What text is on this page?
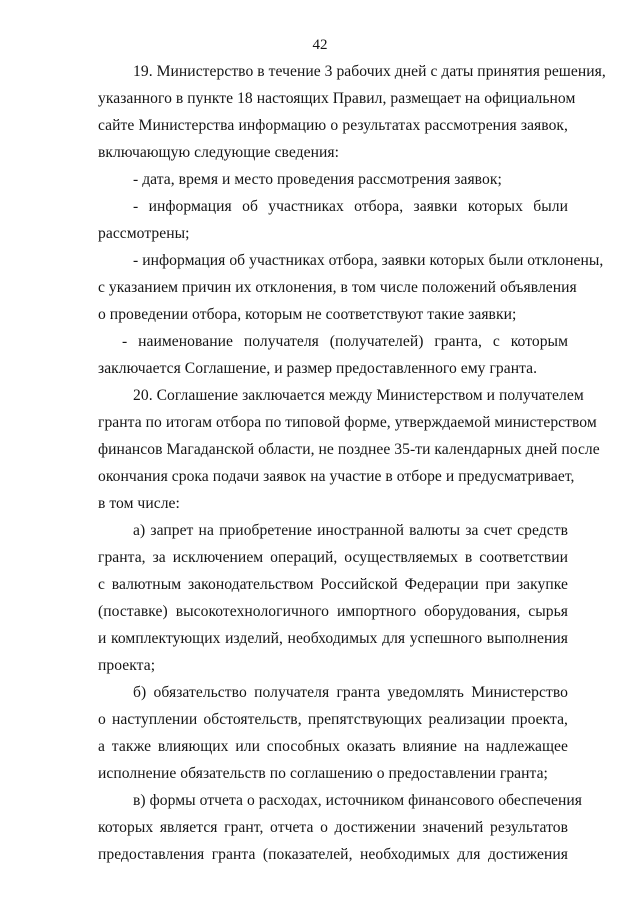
42
19. Министерство в течение 3 рабочих дней с даты принятия решения,
указанного в пункте 18 настоящих Правил, размещает на официальном
сайте Министерства информацию о результатах рассмотрения заявок,
включающую следующие сведения:
- дата, время и место проведения рассмотрения заявок;
- информация об участниках отбора, заявки которых были
рассмотрены;
- информация об участниках отбора, заявки которых были отклонены,
с указанием причин их отклонения, в том числе положений объявления
о проведении отбора, которым не соответствуют такие заявки;
- наименование получателя (получателей) гранта, с которым
заключается Соглашение, и размер предоставленного ему гранта.
20. Соглашение заключается между Министерством и получателем
гранта по итогам отбора по типовой форме, утверждаемой министерством
финансов Магаданской области, не позднее 35-ти календарных дней после
окончания срока подачи заявок на участие в отборе и предусматривает,
в том числе:
а) запрет на приобретение иностранной валюты за счет средств
гранта, за исключением операций, осуществляемых в соответствии
с валютным законодательством Российской Федерации при закупке
(поставке) высокотехнологичного импортного оборудования, сырья
и комплектующих изделий, необходимых для успешного выполнения
проекта;
б) обязательство получателя гранта уведомлять Министерство
о наступлении обстоятельств, препятствующих реализации проекта,
а также влияющих или способных оказать влияние на надлежащее
исполнение обязательств по соглашению о предоставлении гранта;
в) формы отчета о расходах, источником финансового обеспечения
которых является грант, отчета о достижении значений результатов
предоставления гранта (показателей, необходимых для достижения
